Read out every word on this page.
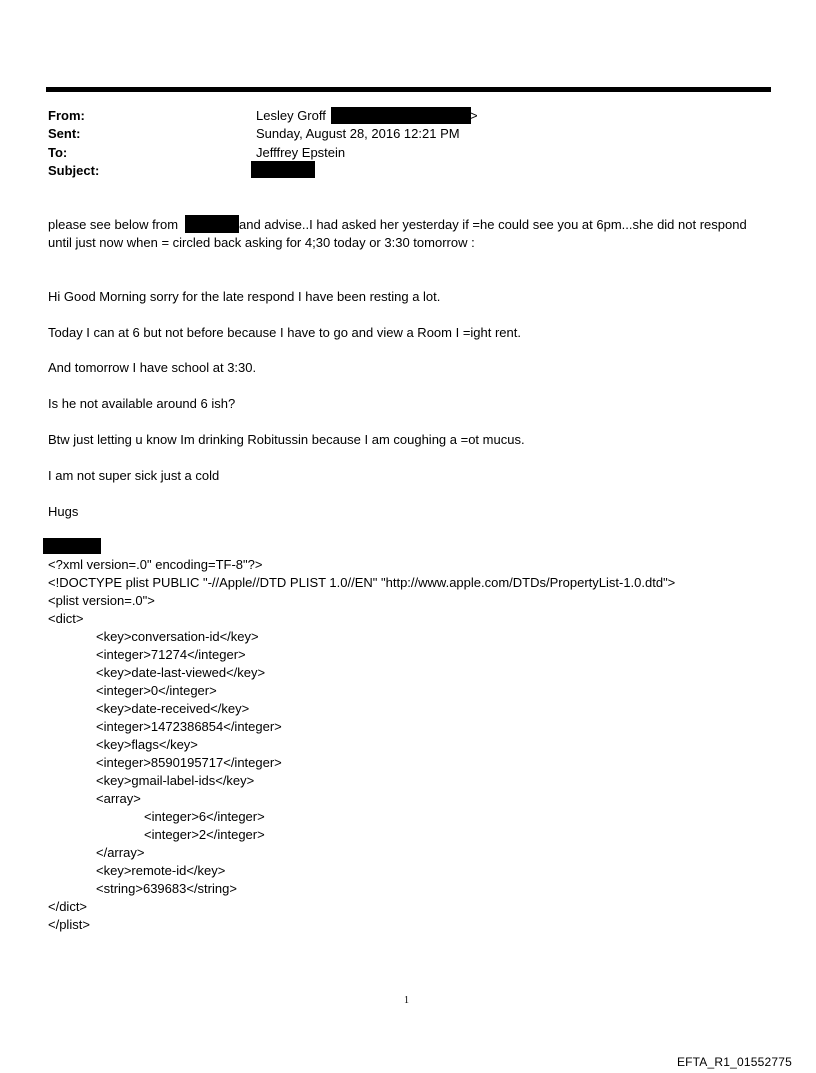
From:	Lesley Groff	>
Sent:	Sunday, August 28, 2016 12:21 PM
To:	Jefffrey Epstein
Subject:
please see below from	and advise..I had asked her yesterday if =he could see you at 6pm...she did not respond
until just now when = circled back asking for 4;30 today or 3:30 tomorrow :
Hi Good Morning sorry for the late respond I have been resting a lot.
Today I can at 6 but not before because I have to go and view a Room I =ight rent.
And tomorrow I have school at 3:30.
Is he not available around 6 ish?
Btw just letting u know Im drinking Robitussin because I am coughing a =ot mucus.
I am not super sick just a cold
Hugs
<?xml version=.0" encoding=TF-8"?>
<!DOCTYPE plist PUBLIC "-//Apple//DTD PLIST 1.0//EN" "http://www.apple.com/DTDs/PropertyList-1.0.dtd">
<plist version=.0">
<dict>
<key>conversation-id</key>
<integer>71274</integer>
<key>date-last-viewed</key>
<integer>0</integer>
<key>date-received</key>
<integer>1472386854</integer>
<key>flags</key>
<integer>8590195717</integer>
<key>gmail-label-ids</key>
<array>
<integer>6</integer>
<integer>2</integer>
</array>
<key>remote-id</key>
<string>639683</string>
</dict>
</plist>
1
EFTA_R1_01552775
